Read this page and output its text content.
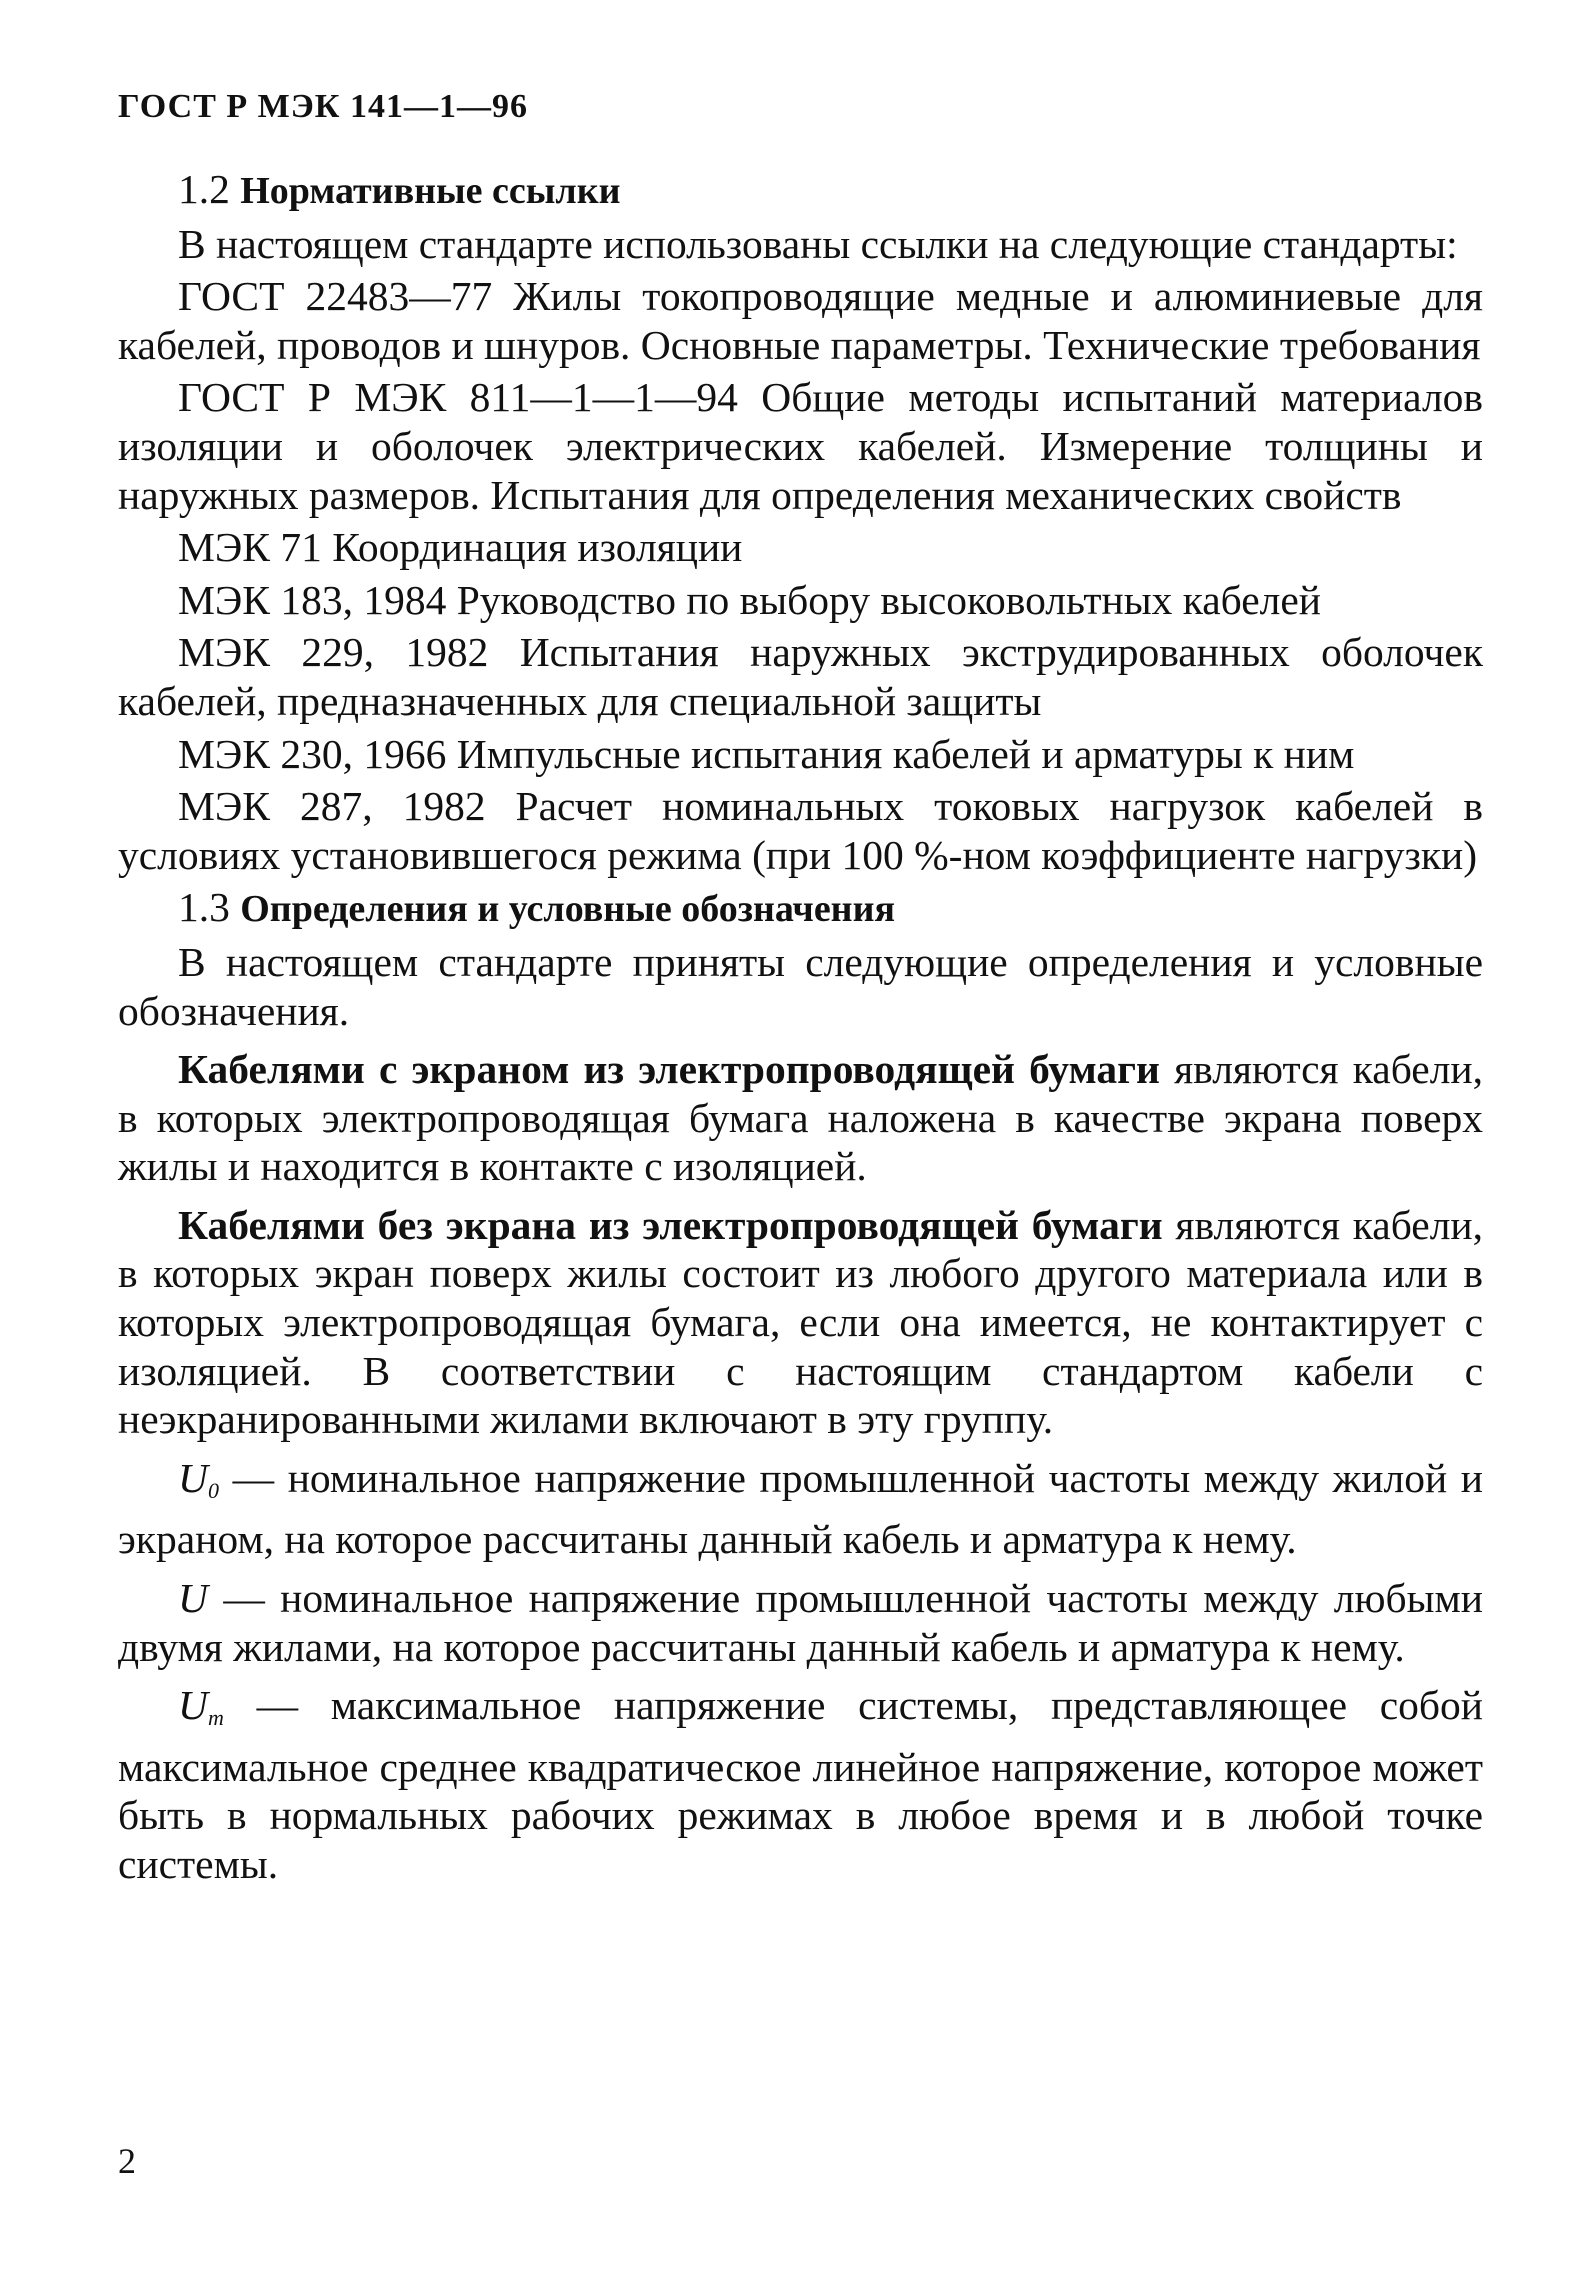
ГОСТ Р МЭК 141—1—96

1.2 Нормативные ссылки

В настоящем стандарте использованы ссылки на следующие стандарты:

ГОСТ 22483—77 Жилы токопроводящие медные и алюминиевые для кабелей, проводов и шнуров. Основные параметры. Технические требования

ГОСТ Р МЭК 811—1—1—94 Общие методы испытаний материалов изоляции и оболочек электрических кабелей. Измерение толщины и наружных размеров. Испытания для определения механических свойств

МЭК 71 Координация изоляции

МЭК 183, 1984 Руководство по выбору высоковольтных кабелей

МЭК 229, 1982 Испытания наружных экструдированных оболочек кабелей, предназначенных для специальной защиты

МЭК 230, 1966 Импульсные испытания кабелей и арматуры к ним

МЭК 287, 1982 Расчет номинальных токовых нагрузок кабелей в условиях установившегося режима (при 100 %-ном коэффициенте нагрузки)

1.3 Определения и условные обозначения

В настоящем стандарте приняты следующие определения и условные обозначения.

Кабелями с экраном из электропроводящей бумаги являются кабели, в которых электропроводящая бумага наложена в качестве экрана поверх жилы и находится в контакте с изоляцией.

Кабелями без экрана из электропроводящей бумаги являются кабели, в которых экран поверх жилы состоит из любого другого материала или в которых электропроводящая бумага, если она имеется, не контактирует с изоляцией. В соответствии с настоящим стандартом кабели с неэкранированными жилами включают в эту группу.

$U_0$ — номинальное напряжение промышленной частоты между жилой и экраном, на которое рассчитаны данный кабель и арматура к нему.

U — номинальное напряжение промышленной частоты между любыми двумя жилами, на которое рассчитаны данный кабель и арматура к нему.

$U_m$ — максимальное напряжение системы, представляющее собой максимальное среднее квадратическое линейное напряжение, которое может быть в нормальных рабочих режимах в любое время и в любой точке системы.

2
